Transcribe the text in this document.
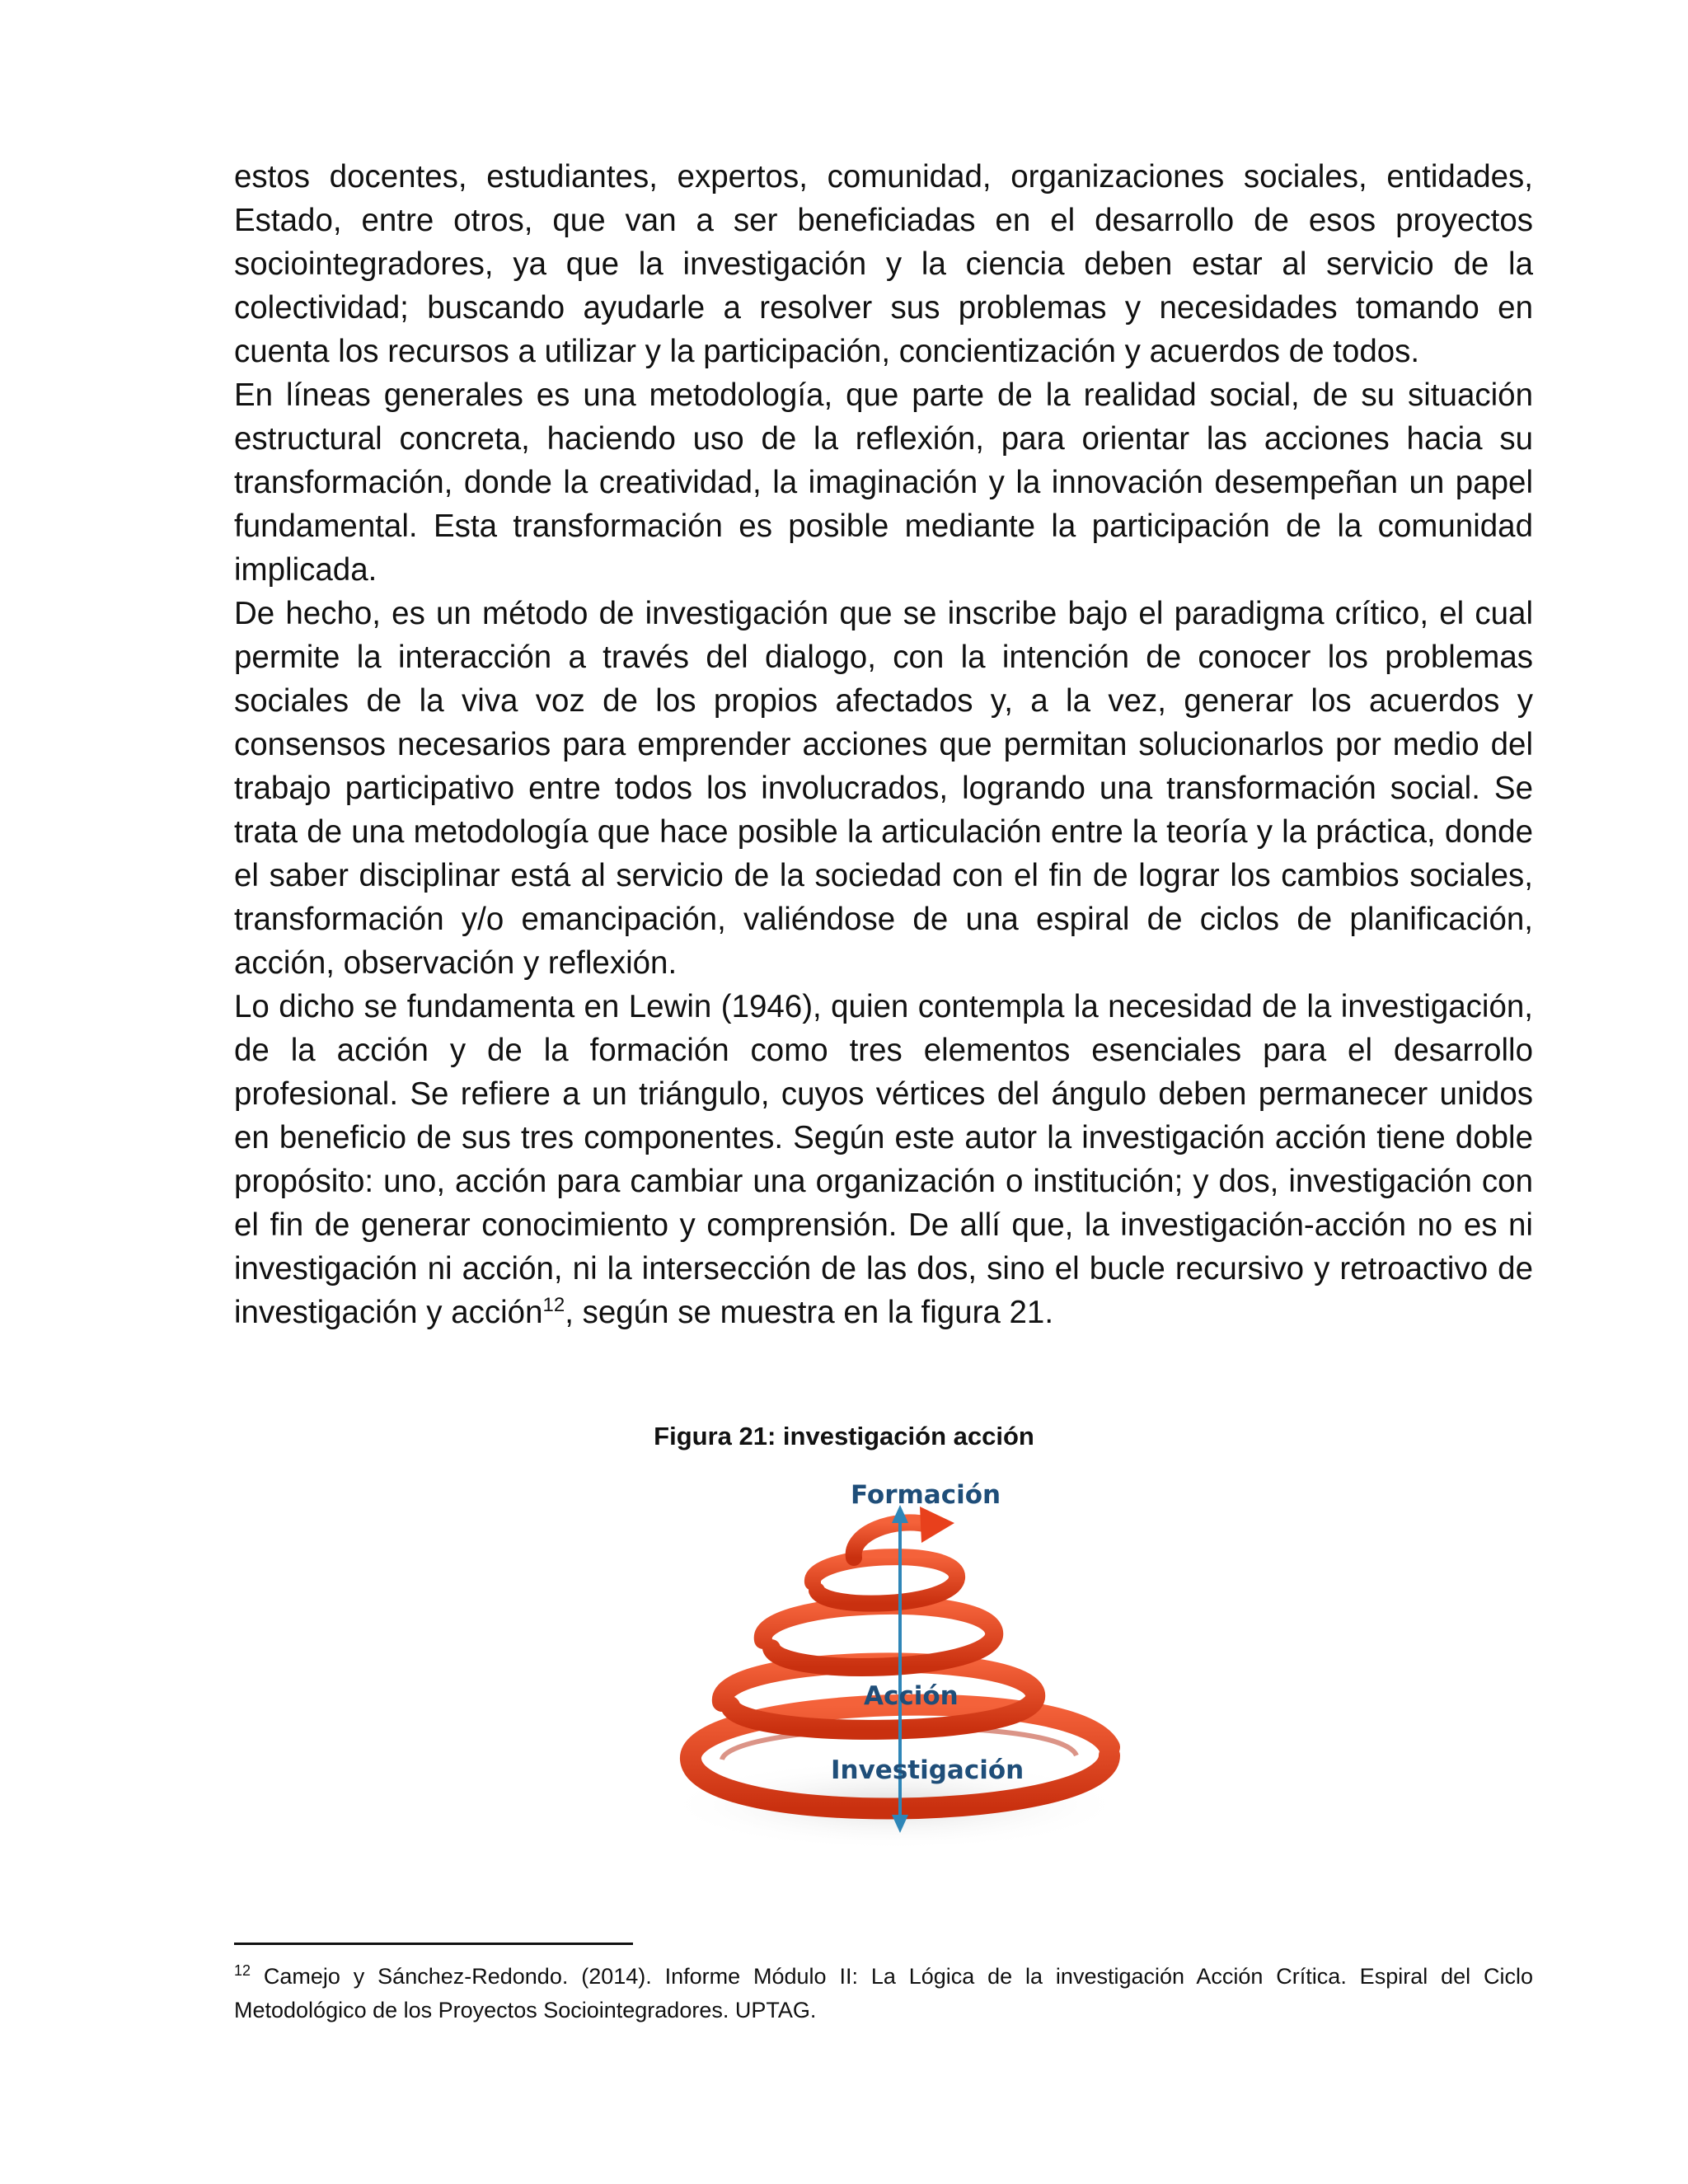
estos docentes, estudiantes, expertos, comunidad, organizaciones sociales, entidades, Estado, entre otros, que van a ser beneficiadas en el desarrollo de esos proyectos sociointegradores, ya que la investigación y la ciencia deben estar al servicio de la colectividad; buscando ayudarle a resolver sus problemas y necesidades tomando en cuenta los recursos a utilizar y la participación, concientización y acuerdos de todos.

En líneas generales es una metodología, que parte de la realidad social, de su situación estructural concreta, haciendo uso de la reflexión, para orientar las acciones hacia su transformación, donde la creatividad, la imaginación y la innovación desempeñan un papel fundamental. Esta transformación es posible mediante la participación de la comunidad implicada.

De hecho, es un método de investigación que se inscribe bajo el paradigma crítico, el cual permite la interacción a través del dialogo, con la intención de conocer los problemas sociales de la viva voz de los propios afectados y, a la vez, generar los acuerdos y consensos necesarios para emprender acciones que permitan solucionarlos por medio del trabajo participativo entre todos los involucrados, logrando una transformación social. Se trata de una metodología que hace posible la articulación entre la teoría y la práctica, donde el saber disciplinar está al servicio de la sociedad con el fin de lograr los cambios sociales, transformación y/o emancipación, valiéndose de una espiral de ciclos de planificación, acción, observación y reflexión.

Lo dicho se fundamenta en Lewin (1946), quien contempla la necesidad de la investigación, de la acción y de la formación como tres elementos esenciales para el desarrollo profesional. Se refiere a un triángulo, cuyos vértices del ángulo deben permanecer unidos en beneficio de sus tres componentes. Según este autor la investigación acción tiene doble propósito: uno, acción para cambiar una organización o institución; y dos, investigación con el fin de generar conocimiento y comprensión. De allí que, la investigación-acción no es ni investigación ni acción, ni la intersección de las dos, sino el bucle recursivo y retroactivo de investigación y acción$^{12}$, según se muestra en la figura 21.

Figura 21: investigación acción
Formación
Acción
Investigación
$^{12}$ Camejo y Sánchez-Redondo. (2014). Informe Módulo II: La Lógica de la investigación Acción Crítica. Espiral del Ciclo Metodológico de los Proyectos Sociointegradores. UPTAG.
